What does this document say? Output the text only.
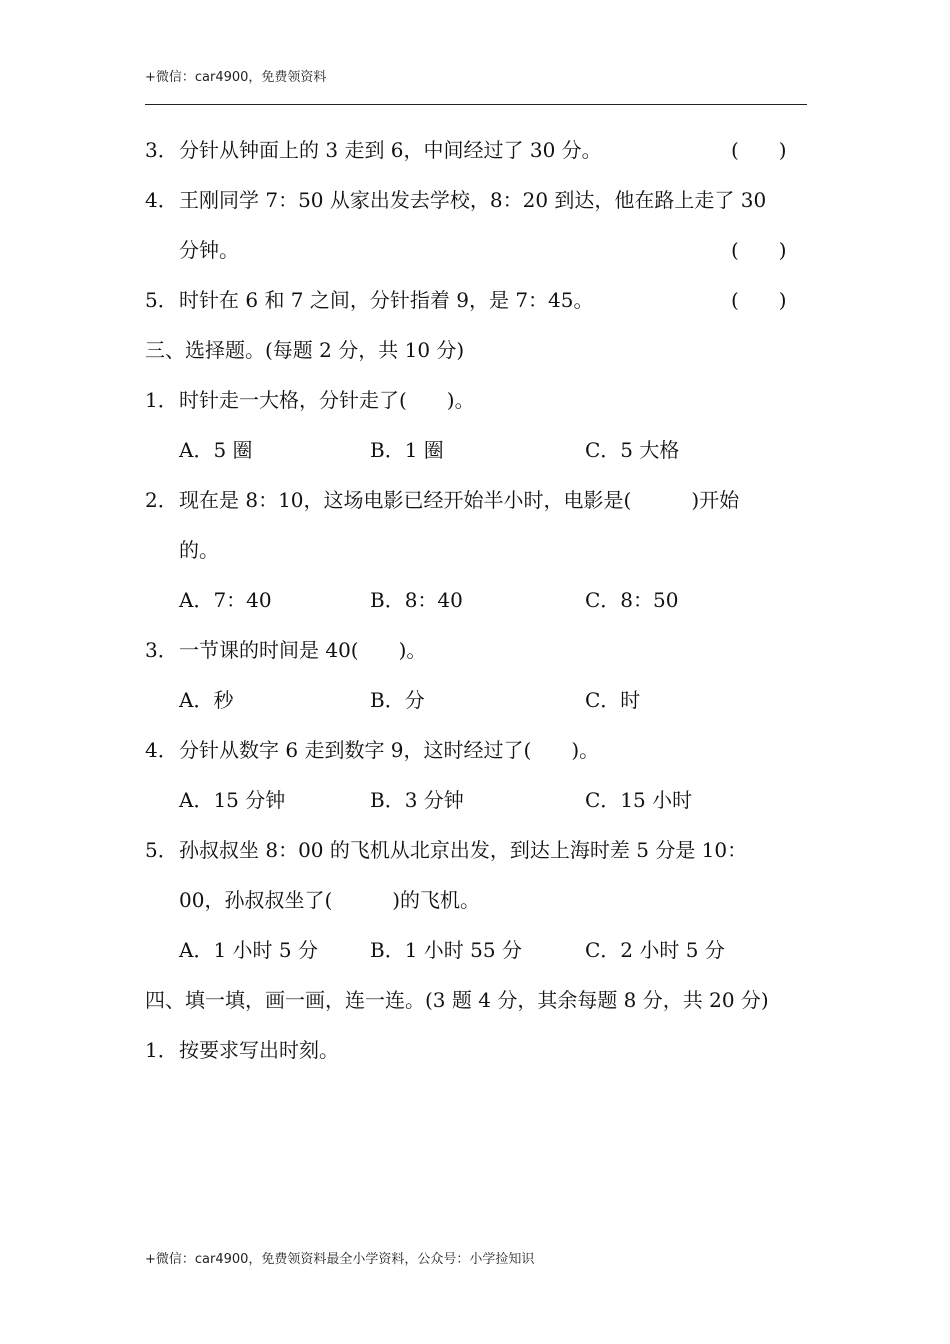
+微信：car4900，免费领资料
3． 分针从钟面上的 3 走到 6，中间经过了 30 分。	(　　)
4． 王刚同学 7：50 从家出发去学校，8：20 到达，他在路上走了 30
分钟。	(　　)
5． 时针在 6 和 7 之间，分针指着 9，是 7：45。	(　　)
三、选择题。(每题 2 分，共 10 分)
1． 时针走一大格，分针走了(　　)。
A．5 圈	B．1 圈	C．5 大格
2． 现在是 8：10，这场电影已经开始半小时，电影是(　　　)开始
的。
A．7：40	B．8：40	C．8：50
3． 一节课的时间是 40(　　)。
A．秒	B．分	C．时
4． 分针从数字 6 走到数字 9，这时经过了(　　)。
A．15 分钟	B．3 分钟	C．15 小时
5． 孙叔叔坐 8：00 的飞机从北京出发，到达上海时差 5 分是 10：
00，孙叔叔坐了(　　　)的飞机。
A．1 小时 5 分	B．1 小时 55 分	C．2 小时 5 分
四、填一填，画一画，连一连。(3 题 4 分，其余每题 8 分，共 20 分)
1． 按要求写出时刻。
+微信：car4900，免费领资料最全小学资料，公众号：小学捡知识
